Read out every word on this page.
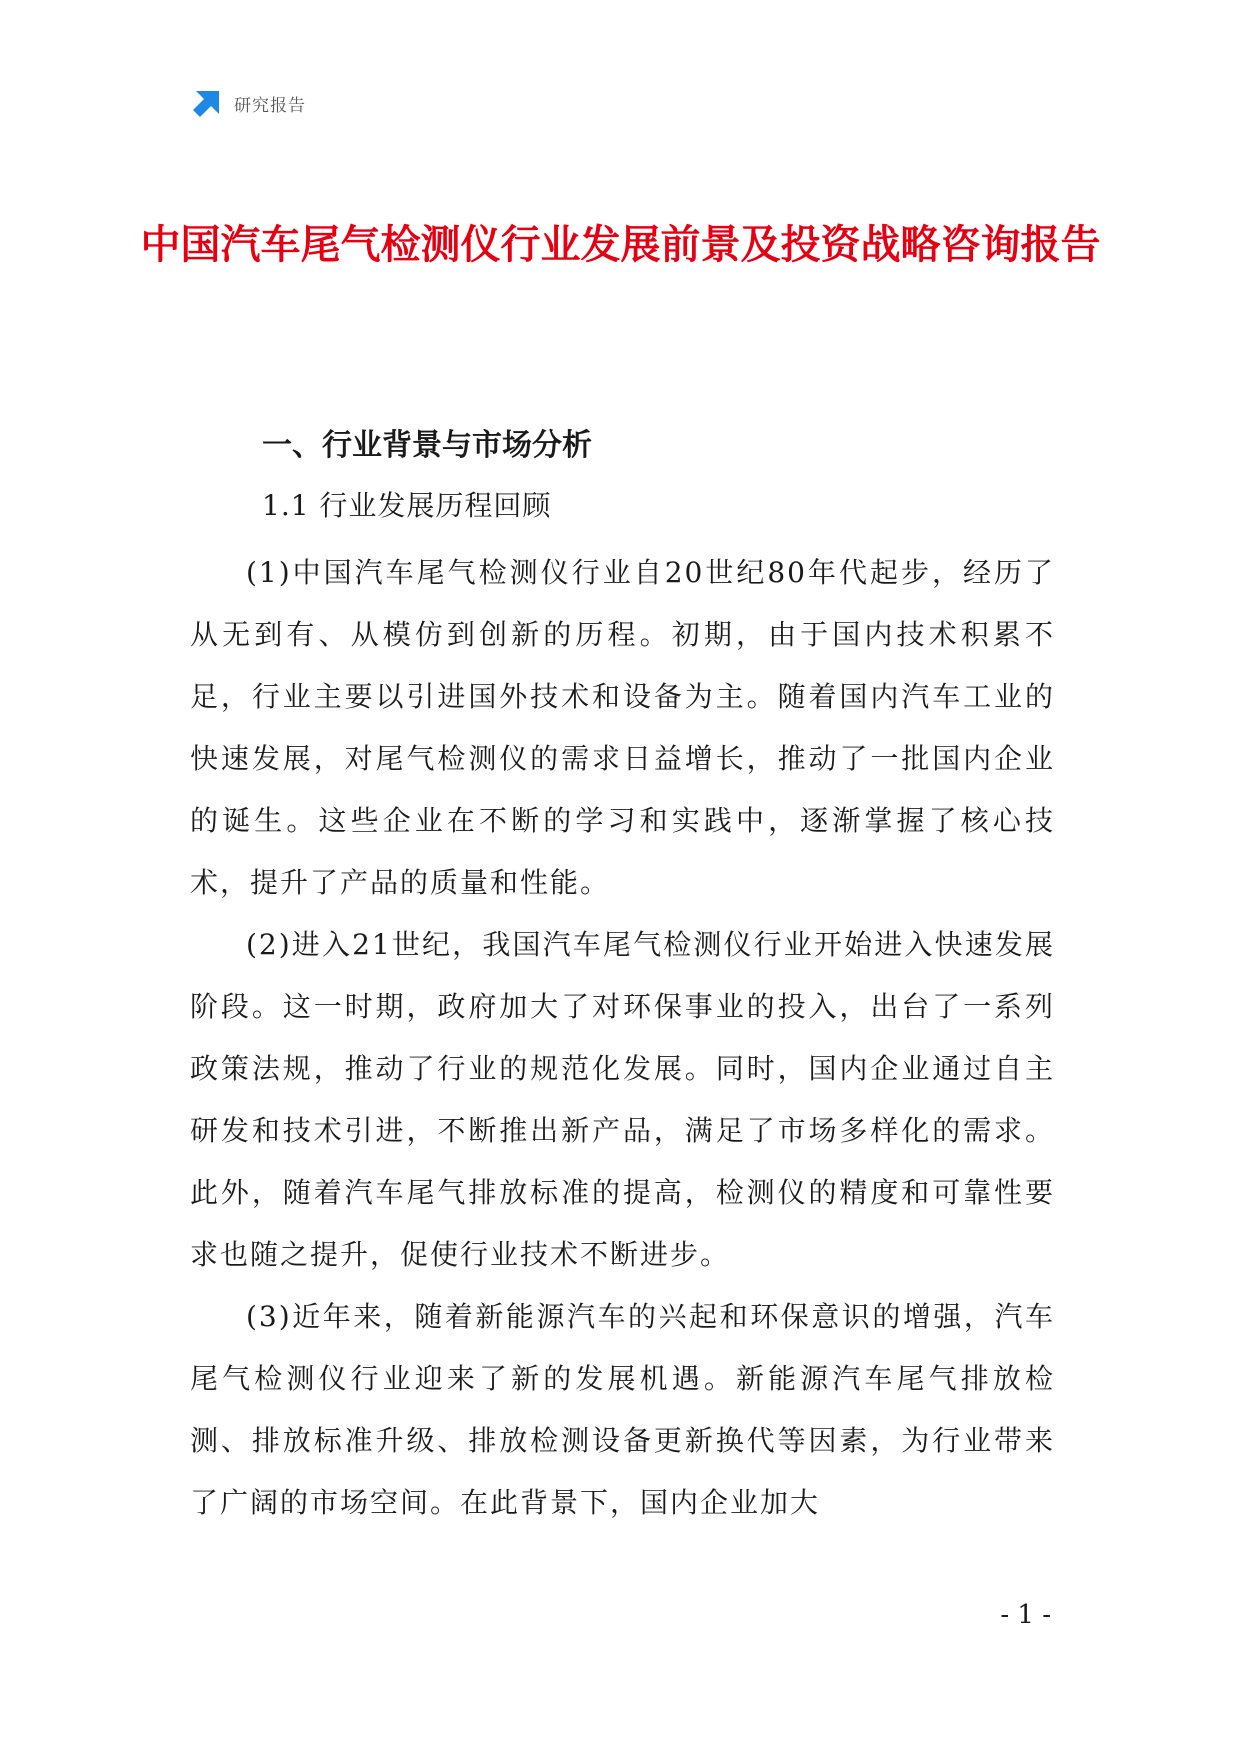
研究报告
中国汽车尾气检测仪行业发展前景及投资战略咨询报告
一、行业背景与市场分析
1.1 行业发展历程回顾

(1)中国汽车尾气检测仪行业自20世纪80年代起步，经历了从无到有、从模仿到创新的历程。初期，由于国内技术积累不足，行业主要以引进国外技术和设备为主。随着国内汽车工业的快速发展，对尾气检测仪的需求日益增长，推动了一批国内企业的诞生。这些企业在不断的学习和实践中，逐渐掌握了核心技术，提升了产品的质量和性能。

(2)进入21世纪，我国汽车尾气检测仪行业开始进入快速发展阶段。这一时期，政府加大了对环保事业的投入，出台了一系列政策法规，推动了行业的规范化发展。同时，国内企业通过自主研发和技术引进，不断推出新产品，满足了市场多样化的需求。此外，随着汽车尾气排放标准的提高，检测仪的精度和可靠性要求也随之提升，促使行业技术不断进步。

(3)近年来，随着新能源汽车的兴起和环保意识的增强，汽车尾气检测仪行业迎来了新的发展机遇。新能源汽车尾气排放检测、排放标准升级、排放检测设备更新换代等因素，为行业带来了广阔的市场空间。在此背景下，国内企业加大

- 1 -
